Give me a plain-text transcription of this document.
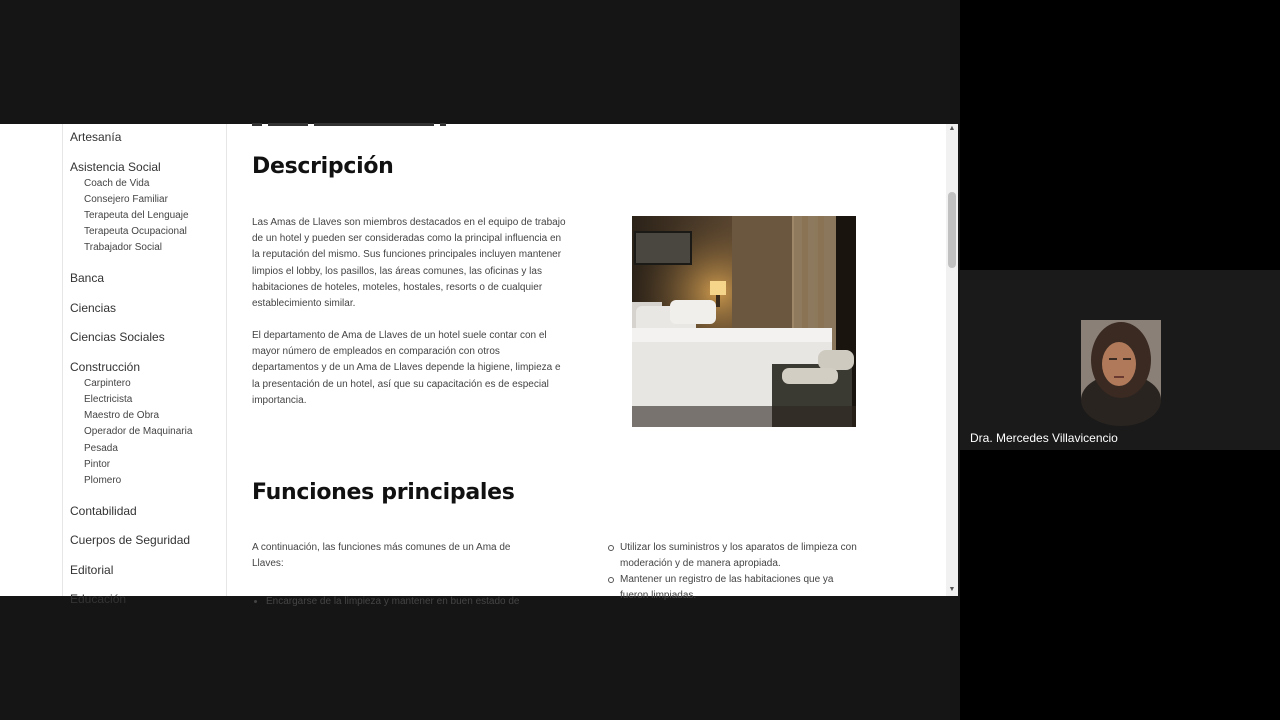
Artesanía
Asistencia Social
Coach de Vida
Consejero Familiar
Terapeuta del Lenguaje
Terapeuta Ocupacional
Trabajador Social
Banca
Ciencias
Ciencias Sociales
Construcción
Carpintero
Electricista
Maestro de Obra
Operador de Maquinaria
Pesada
Pintor
Plomero
Contabilidad
Cuerpos de Seguridad
Editorial
Educación
Descripción

Las Amas de Llaves son miembros destacados en el equipo de trabajo de un hotel y pueden ser consideradas como la principal influencia en la reputación del mismo. Sus funciones principales incluyen mantener limpios el lobby, los pasillos, las áreas comunes, las oficinas y las habitaciones de hoteles, moteles, hostales, resorts o de cualquier establecimiento similar.

El departamento de Ama de Llaves de un hotel suele contar con el mayor número de empleados en comparación con otros departamentos y de un Ama de Llaves depende la higiene, limpieza e la presentación de un hotel, así que su capacitación es de especial importancia.

Funciones principales

A continuación, las funciones más comunes de un Ama de Llaves:

• Encargarse de la limpieza y mantener en buen estado de
Utilizar los suministros y los aparatos de limpieza con moderación y de manera apropiada.
Mantener un registro de las habitaciones que ya fueron limpiadas.
▲
▼
Dra. Mercedes Villavicencio
